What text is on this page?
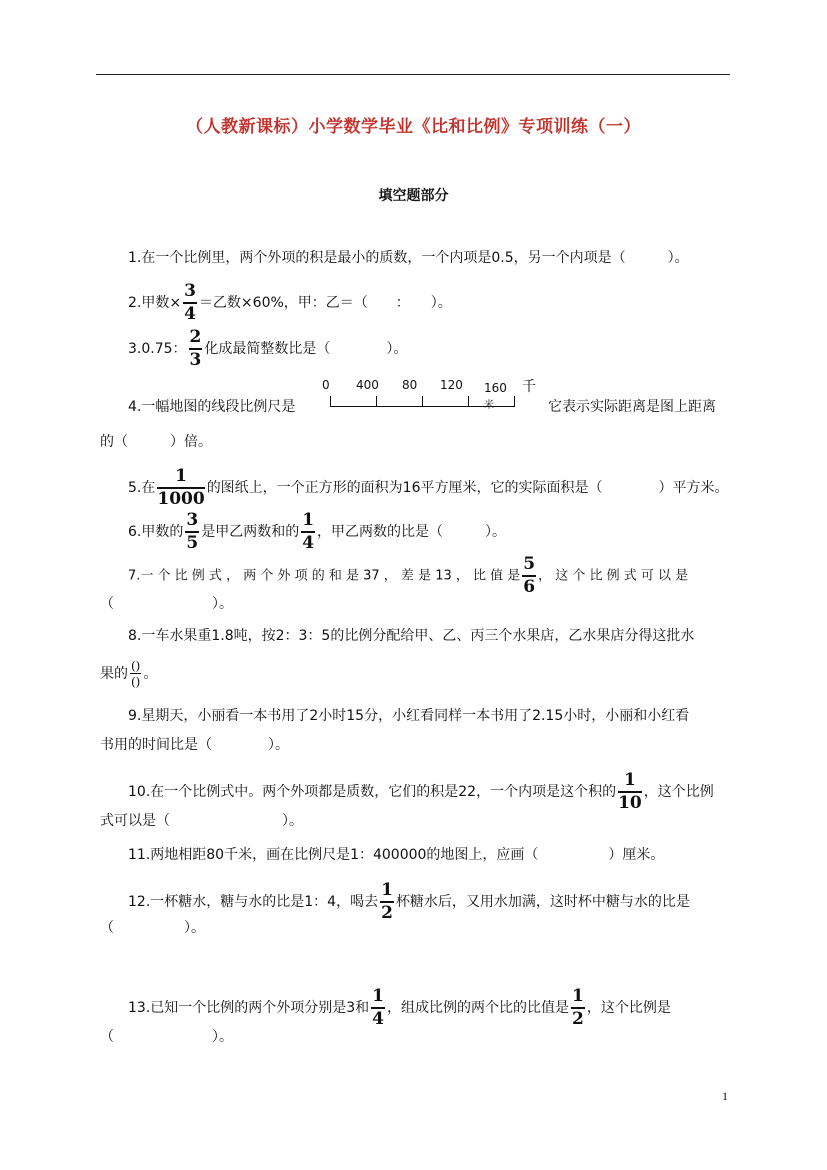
（人教新课标）小学数学毕业《比和比例》专项训练（一）
填空题部分
1.在一个比例里，两个外项的积是最小的质数，一个内项是0.5，另一个内项是（　　　）。
2.甲数× $\frac{3}{4}$ ＝乙数×60%，甲：乙＝（　　：　　）。
3.0.75： $\frac{2}{3}$ 化成最简整数比是（　　　　）。
4.一幅地图的线段比例尺是
0 400 80 120 160 千
它表示实际距离是图上距离
的（　　　）倍。
5.在 $\frac{1}{1000}$ 的图纸上，一个正方形的面积为16平方厘米，它的实际面积是（　　　　）平方米。
6.甲数的 $\frac{3}{5}$ 是甲乙两数和的 $\frac{1}{4}$ ，甲乙两数的比是（　　　）。
7.一 个 比 例 式 ， 两 个 外 项 的 和 是 37 ， 差 是 13 ， 比 值 是 $\frac{5}{6}$ ， 这 个 比 例 式 可 以 是
（　　　　　　　）。
8.一车水果重1.8吨，按2：3：5的比例分配给甲、乙、丙三个水果店，乙水果店分得这批水
果的 $\frac{()}{()}$ 。
9.星期天，小丽看一本书用了2小时15分，小红看同样一本书用了2.15小时，小丽和小红看
书用的时间比是（　　　　）。
10.在一个比例式中。两个外项都是质数，它们的积是22，一个内项是这个积的 $\frac{1}{10}$ ，这个比例
式可以是（　　　　　　　　）。
11.两地相距80千米，画在比例尺是1：400000的地图上，应画（　　　　　）厘米。
12.一杯糖水，糖与水的比是1：4，喝去 $\frac{1}{2}$ 杯糖水后，又用水加满，这时杯中糖与水的比是
（　　　　　）。
13.已知一个比例的两个外项分别是3和 $\frac{1}{4}$ ，组成比例的两个比的比值是 $\frac{1}{2}$ ，这个比例是
（　　　　　　　）。
1
